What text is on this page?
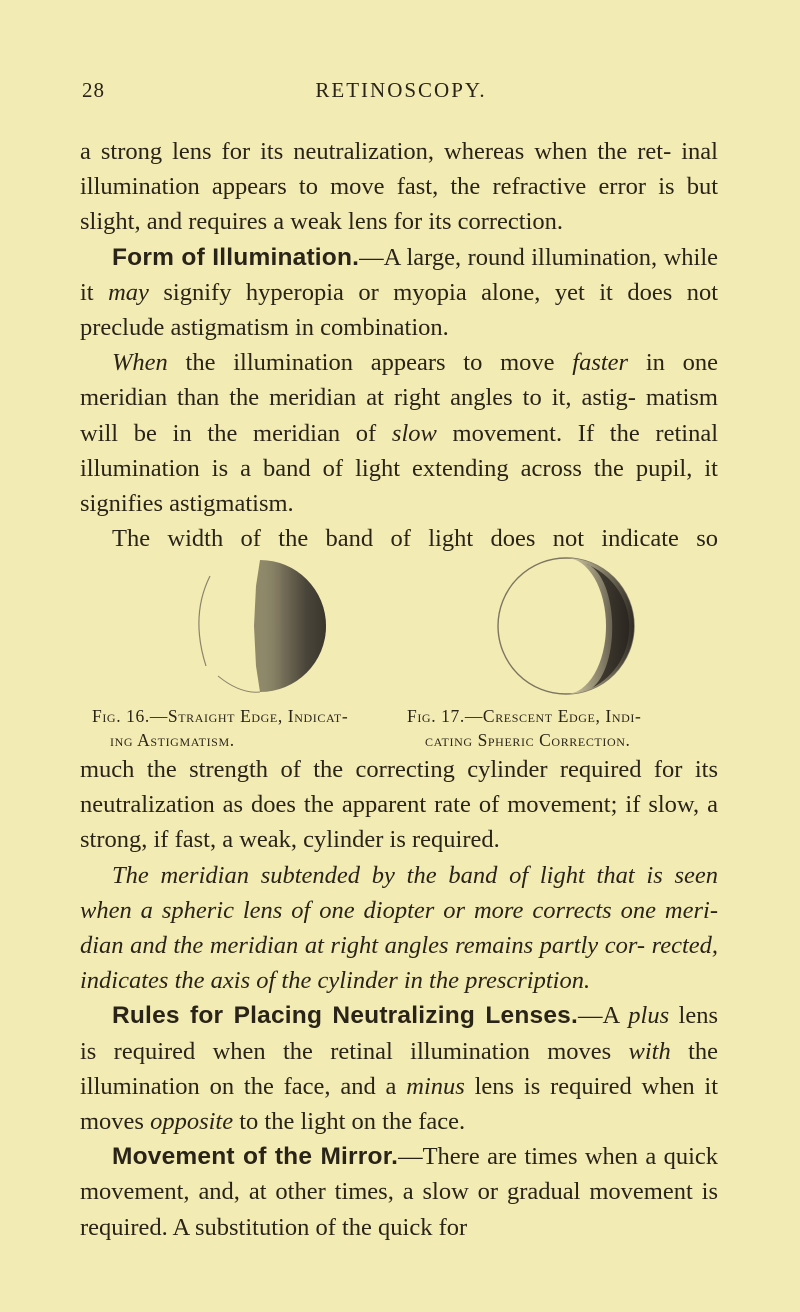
28	RETINOSCOPY.

a strong lens for its neutralization, whereas when the ret- inal illumination appears to move fast, the refractive error is but slight, and requires a weak lens for its correction.

Form of Illumination.—A large, round illumination, while it may signify hyperopia or myopia alone, yet it does not preclude astigmatism in combination.

When the illumination appears to move faster in one meridian than the meridian at right angles to it, astig- matism will be in the meridian of slow movement. If the retinal illumination is a band of light extending across the pupil, it signifies astigmatism.

The width of the band of light does not indicate so

Fig. 16.—Straight Edge, Indicat-
ing Astigmatism.
Fig. 17.—Crescent Edge, Indi-
cating Spheric Correction.

much the strength of the correcting cylinder required for its neutralization as does the apparent rate of movement; if slow, a strong, if fast, a weak, cylinder is required.

The meridian subtended by the band of light that is seen when a spheric lens of one diopter or more corrects one meri- dian and the meridian at right angles remains partly cor- rected, indicates the axis of the cylinder in the prescription.

Rules for Placing Neutralizing Lenses.—A plus lens is required when the retinal illumination moves with the illumination on the face, and a minus lens is required when it moves opposite to the light on the face.

Movement of the Mirror.—There are times when a quick movement, and, at other times, a slow or gradual movement is required. A substitution of the quick for
